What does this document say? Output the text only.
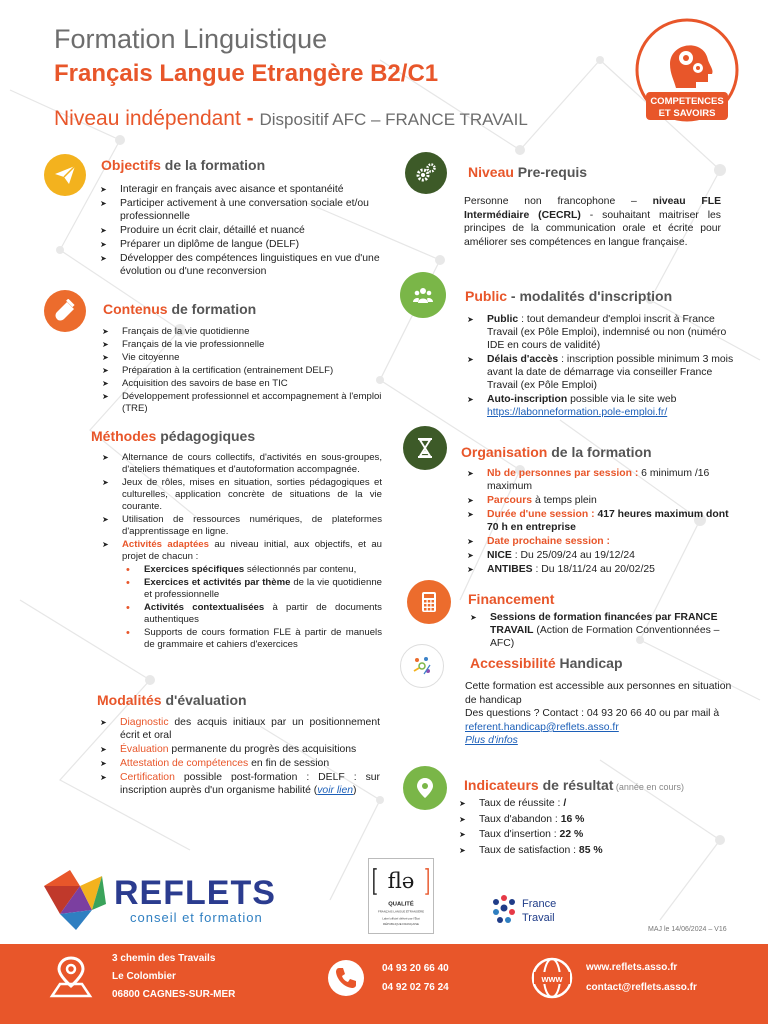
Formation Linguistique
Français Langue Etrangère B2/C1
Niveau indépendant - Dispositif AFC – FRANCE TRAVAIL
COMPETENCES
ET SAVOIRS
Objectifs de la formation
➤ Interagir en français avec aisance et spontanéité
➤ Participer activement à une conversation sociale et/ou professionnelle
➤ Produire un écrit clair, détaillé et nuancé
➤ Préparer un diplôme de langue (DELF)
➤ Développer des compétences linguistiques en vue d'une évolution ou d'une reconversion
Contenus de formation
➤ Français de la vie quotidienne
➤ Français de la vie professionnelle
➤ Vie citoyenne
➤ Préparation à la certification (entrainement DELF)
➤ Acquisition des savoirs de base en TIC
➤ Développement professionnel et accompagnement à l'emploi (TRE)
Méthodes pédagogiques
➤ Alternance de cours collectifs, d'activités en sous-groupes, d'ateliers thématiques et d'autoformation accompagnée.
➤ Jeux de rôles, mises en situation, sorties pédagogiques et culturelles, application concrète de situations de la vie courante.
➤ Utilisation de ressources numériques, de plateformes d'apprentissage en ligne.
➤ Activités adaptées au niveau initial, aux objectifs, et au projet de chacun :
• Exercices spécifiques sélectionnés par contenu,
• Exercices et activités par thème de la vie quotidienne et professionnelle
• Activités contextualisées à partir de documents authentiques
• Supports de cours formation FLE à partir de manuels de grammaire et cahiers d'exercices
Modalités d'évaluation
➤ Diagnostic des acquis initiaux par un positionnement écrit et oral
➤ Évaluation permanente du progrès des acquisitions
➤ Attestation de compétences en fin de session
➤ Certification possible post-formation : DELF : sur inscription auprès d'un organisme habilité (voir lien)
Niveau Pre-requis
Personne non francophone – niveau FLE Intermédiaire (CECRL) - souhaitant maitriser les principes de la communication orale et écrite pour améliorer ses compétences en langue française.
Public - modalités d'inscription
➤ Public : tout demandeur d'emploi inscrit à France Travail (ex Pôle Emploi), indemnisé ou non (numéro IDE en cours de validité)
➤ Délais d'accès : inscription possible minimum 3 mois avant la date de démarrage via conseiller France Travail (ex Pôle Emploi)
➤ Auto-inscription possible via le site web
https://labonneformation.pole-emploi.fr/
Organisation de la formation
➤ Nb de personnes par session : 6 minimum /16 maximum
➤ Parcours à temps plein
➤ Durée d'une session : 417 heures maximum dont 70 h en entreprise
➤ Date prochaine session :
➤ NICE : Du 25/09/24 au 19/12/24
➤ ANTIBES : Du 18/11/24 au 20/02/25
Financement
➤ Sessions de formation financées par FRANCE TRAVAIL (Action de Formation Conventionnées – AFC)
Accessibilité Handicap
Cette formation est accessible aux personnes en situation de handicap
Des questions ? Contact : 04 93 20 66 40 ou par mail à referent.handicap@reflets.asso.fr
Plus d'infos
Indicateurs de résultat (année en cours)
➤ Taux de réussite : /
➤ Taux d'abandon : 16 %
➤ Taux d'insertion : 22 %
➤ Taux de satisfaction : 85 %
REFLETS
conseil et formation
flə
QUALITÉ
FRANÇAIS LANGUE ÉTRANGÈRE
Label officiel délivré par l'État
RÉPUBLIQUE FRANÇAISE
France
Travail
MAJ le 14/06/2024 – V16
3 chemin des Travails
Le Colombier
06800 CAGNES-SUR-MER
04 93 20 66 40
04 92 02 76 24
www
www.reflets.asso.fr
contact@reflets.asso.fr
